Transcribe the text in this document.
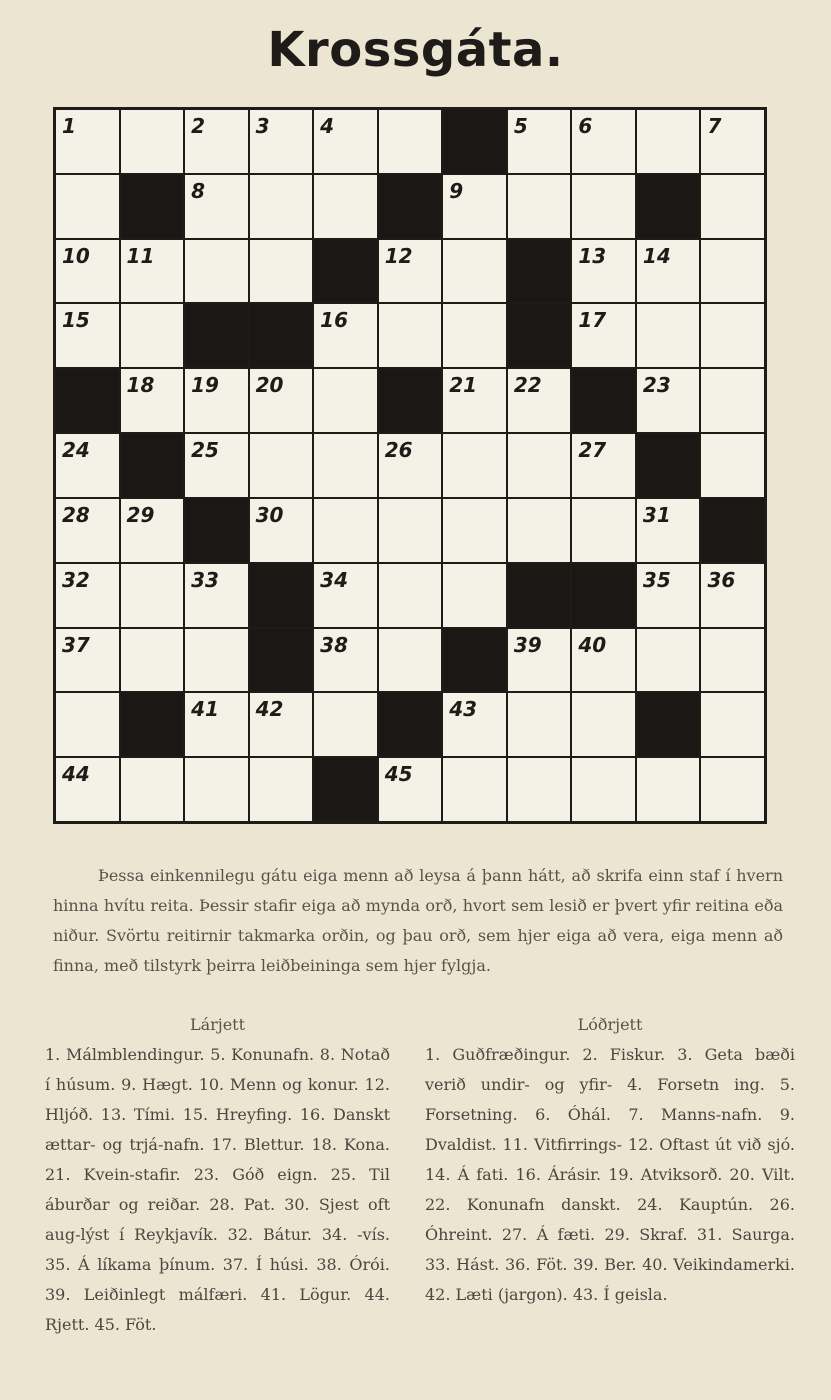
Krossgáta.
1	2	3	4	5	6	7
8	9
10 11	12	13 14
15	16	17
18 19 20	21 22	23
24	25	26	27
28 29	30	31
32	33	34	35 36
37	38	39 40
41 42	43
44	45

Þessa einkennilegu gátu eiga menn að leysa á þann hátt, að skrifa einn staf í hvern hinna hvítu reita. Þessir stafir eiga að mynda orð, hvort sem lesið er þvert yfir reitina eða niður. Svörtu reitirnir takmarka orðin, og þau orð, sem hjer eiga að vera, eiga menn að finna, með tilstyrk þeirra leiðbeininga sem hjer fylgja.

Lárjett
1. Málmblendingur. 5. Konunafn. 8. Notað í húsum. 9. Hægt. 10. Menn og konur. 12. Hljóð. 13. Tími. 15. Hreyfing. 16. Danskt ættar- og trjá-nafn. 17. Blettur. 18. Kona. 21. Kvein-stafir. 23. Góð eign. 25. Til áburðar og reiðar. 28. Pat. 30. Sjest oft aug-lýst í Reykjavík. 32. Bátur. 34. -vís. 35. Á líkama þínum. 37. Í húsi. 38. Órói. 39. Leiðinlegt málfæri. 41. Lögur. 44. Rjett. 45. Föt.
Lóðrjett
1. Guðfræðingur. 2. Fiskur. 3. Geta bæði verið undir- og yfir- 4. Forsetn ing. 5. Forsetning. 6. Óhál. 7. Manns-nafn. 9. Dvaldist. 11. Vitfirrings- 12. Oftast út við sjó. 14. Á fati. 16. Árásir. 19. Atviksorð. 20. Vilt. 22. Konunafn danskt. 24. Kauptún. 26. Óhreint. 27. Á fæti. 29. Skraf. 31. Saurga. 33. Hást. 36. Föt. 39. Ber. 40. Veikindamerki. 42. Læti (jargon). 43. Í geisla.
